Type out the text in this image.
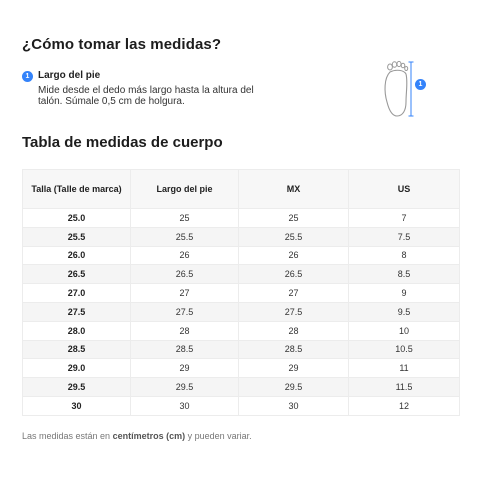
¿Cómo tomar las medidas?
1 Largo del pie
Mide desde el dedo más largo hasta la altura del talón. Súmale 0,5 cm de holgura.
1
Tabla de medidas de cuerpo
Talla (Talle de marca)	Largo del pie	MX	US
25.0	25	25	7
25.5	25.5	25.5	7.5
26.0	26	26	8
26.5	26.5	26.5	8.5
27.0	27	27	9
27.5	27.5	27.5	9.5
28.0	28	28	10
28.5	28.5	28.5	10.5
29.0	29	29	11
29.5	29.5	29.5	11.5
30	30	30	12
Las medidas están en centímetros (cm) y pueden variar.
